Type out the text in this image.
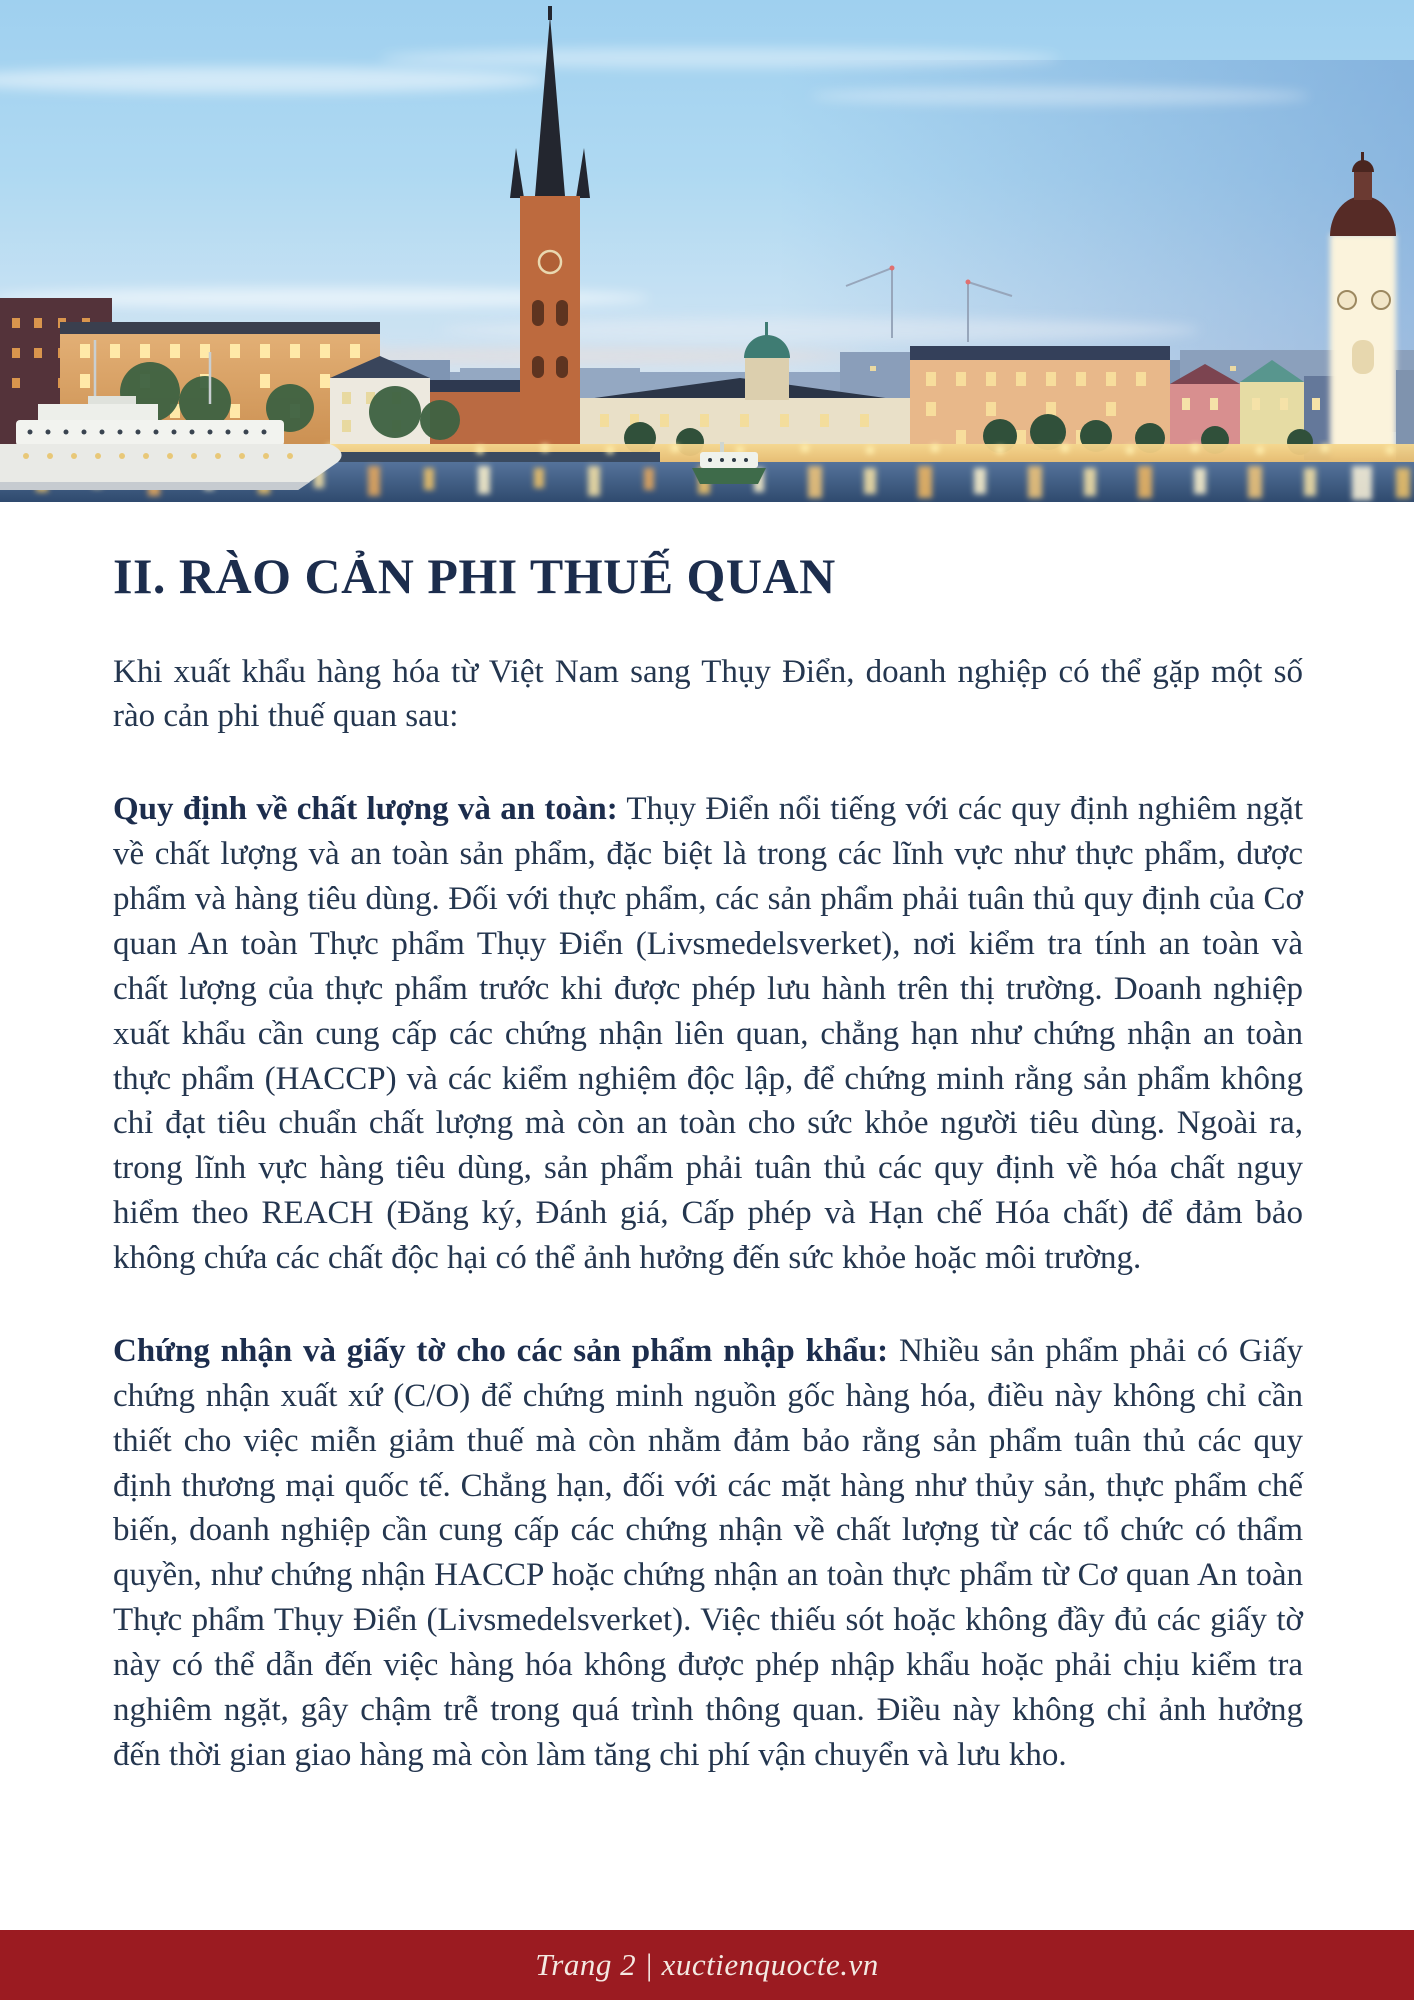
II. RÀO CẢN PHI THUẾ QUAN

Khi xuất khẩu hàng hóa từ Việt Nam sang Thụy Điển, doanh nghiệp có thể gặp một số rào cản phi thuế quan sau:

Quy định về chất lượng và an toàn: Thụy Điển nổi tiếng với các quy định nghiêm ngặt về chất lượng và an toàn sản phẩm, đặc biệt là trong các lĩnh vực như thực phẩm, dược phẩm và hàng tiêu dùng. Đối với thực phẩm, các sản phẩm phải tuân thủ quy định của Cơ quan An toàn Thực phẩm Thụy Điển (Livsmedelsverket), nơi kiểm tra tính an toàn và chất lượng của thực phẩm trước khi được phép lưu hành trên thị trường. Doanh nghiệp xuất khẩu cần cung cấp các chứng nhận liên quan, chẳng hạn như chứng nhận an toàn thực phẩm (HACCP) và các kiểm nghiệm độc lập, để chứng minh rằng sản phẩm không chỉ đạt tiêu chuẩn chất lượng mà còn an toàn cho sức khỏe người tiêu dùng. Ngoài ra, trong lĩnh vực hàng tiêu dùng, sản phẩm phải tuân thủ các quy định về hóa chất nguy hiểm theo REACH (Đăng ký, Đánh giá, Cấp phép và Hạn chế Hóa chất) để đảm bảo không chứa các chất độc hại có thể ảnh hưởng đến sức khỏe hoặc môi trường.

Chứng nhận và giấy tờ cho các sản phẩm nhập khẩu: Nhiều sản phẩm phải có Giấy chứng nhận xuất xứ (C/O) để chứng minh nguồn gốc hàng hóa, điều này không chỉ cần thiết cho việc miễn giảm thuế mà còn nhằm đảm bảo rằng sản phẩm tuân thủ các quy định thương mại quốc tế. Chẳng hạn, đối với các mặt hàng như thủy sản, thực phẩm chế biến, doanh nghiệp cần cung cấp các chứng nhận về chất lượng từ các tổ chức có thẩm quyền, như chứng nhận HACCP hoặc chứng nhận an toàn thực phẩm từ Cơ quan An toàn Thực phẩm Thụy Điển (Livsmedelsverket). Việc thiếu sót hoặc không đầy đủ các giấy tờ này có thể dẫn đến việc hàng hóa không được phép nhập khẩu hoặc phải chịu kiểm tra nghiêm ngặt, gây chậm trễ trong quá trình thông quan. Điều này không chỉ ảnh hưởng đến thời gian giao hàng mà còn làm tăng chi phí vận chuyển và lưu kho.

Trang 2 | xuctienquocte.vn
